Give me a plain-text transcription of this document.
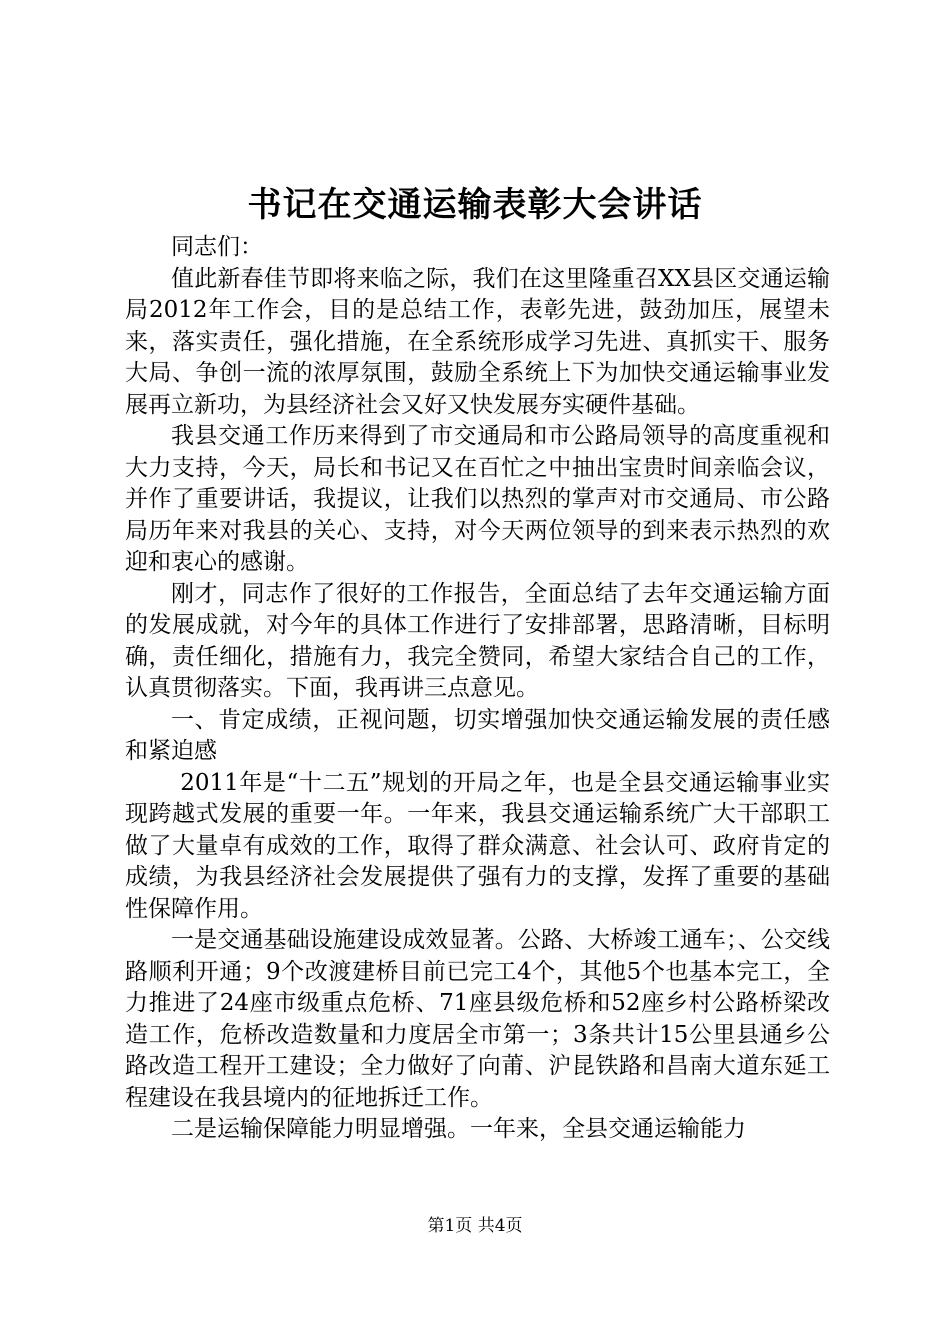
书记在交通运输表彰大会讲话

同志们：

值此新春佳节即将来临之际，我们在这里隆重召XX县区交通运输局2012年工作会，目的是总结工作，表彰先进，鼓劲加压，展望未来，落实责任，强化措施，在全系统形成学习先进、真抓实干、服务大局、争创一流的浓厚氛围，鼓励全系统上下为加快交通运输事业发展再立新功，为县经济社会又好又快发展夯实硬件基础。

我县交通工作历来得到了市交通局和市公路局领导的高度重视和大力支持，今天，局长和书记又在百忙之中抽出宝贵时间亲临会议，并作了重要讲话，我提议，让我们以热烈的掌声对市交通局、市公路局历年来对我县的关心、支持，对今天两位领导的到来表示热烈的欢迎和衷心的感谢。

刚才，同志作了很好的工作报告，全面总结了去年交通运输方面的发展成就，对今年的具体工作进行了安排部署，思路清晰，目标明确，责任细化，措施有力，我完全赞同，希望大家结合自己的工作，认真贯彻落实。下面，我再讲三点意见。

一、肯定成绩，正视问题，切实增强加快交通运输发展的责任感和紧迫感

2011年是“十二五”规划的开局之年，也是全县交通运输事业实现跨越式发展的重要一年。一年来，我县交通运输系统广大干部职工做了大量卓有成效的工作，取得了群众满意、社会认可、政府肯定的成绩，为我县经济社会发展提供了强有力的支撑，发挥了重要的基础性保障作用。

一是交通基础设施建设成效显著。公路、大桥竣工通车；、公交线路顺利开通；9个改渡建桥目前已完工4个，其他5个也基本完工，全力推进了24座市级重点危桥、71座县级危桥和52座乡村公路桥梁改造工作，危桥改造数量和力度居全市第一；3条共计15公里县通乡公路改造工程开工建设；全力做好了向莆、沪昆铁路和昌南大道东延工程建设在我县境内的征地拆迁工作。

二是运输保障能力明显增强。一年来，全县交通运输能力

第1页 共4页
